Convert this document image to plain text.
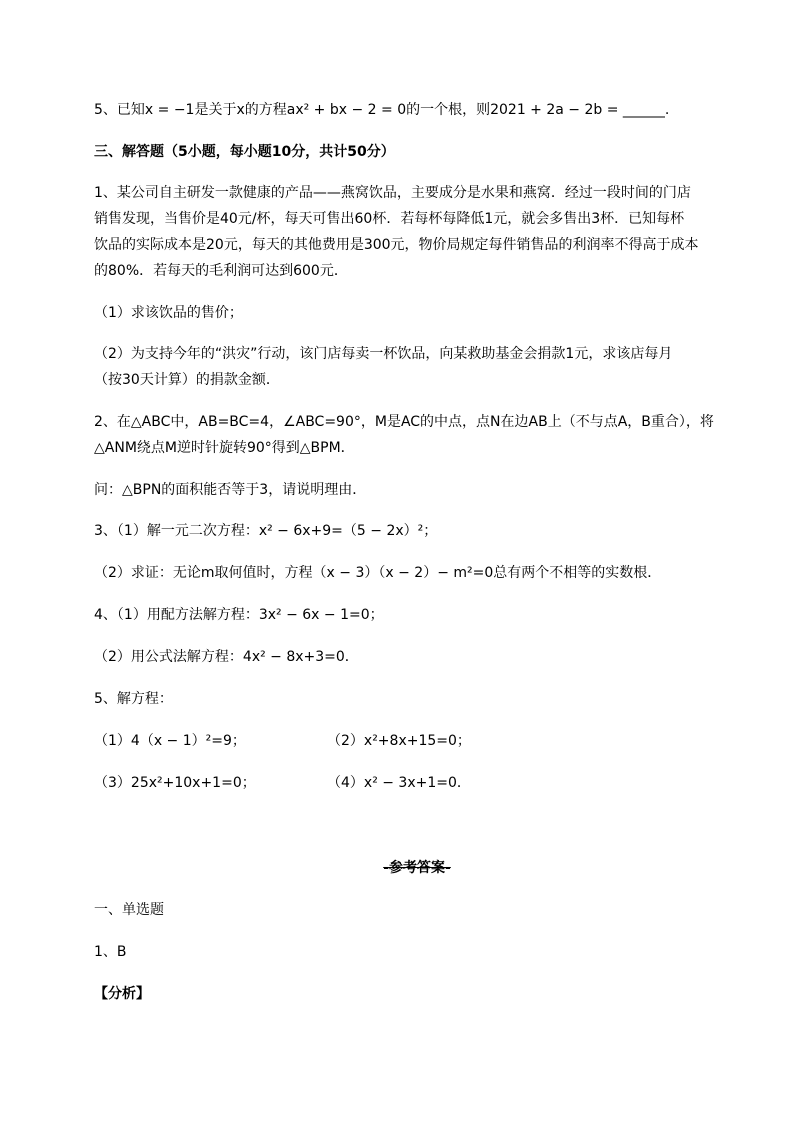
5、已知x = −1是关于x的方程ax² + bx − 2 = 0的一个根，则2021 + 2a − 2b = ______.
三、解答题（5小题，每小题10分，共计50分）
1、某公司自主研发一款健康的产品——燕窝饮品，主要成分是水果和燕窝．经过一段时间的门店
销售发现，当售价是40元/杯，每天可售出60杯．若每杯每降低1元，就会多售出3杯．已知每杯
饮品的实际成本是20元，每天的其他费用是300元，物价局规定每件销售品的利润率不得高于成本
的80%．若每天的毛利润可达到600元．
（1）求该饮品的售价；
（2）为支持今年的“洪灾”行动，该门店每卖一杯饮品，向某救助基金会捐款1元，求该店每月
（按30天计算）的捐款金额．
2、在△ABC中，AB=BC=4，∠ABC=90°，M是AC的中点，点N在边AB上（不与点A，B重合），将
△ANM绕点M逆时针旋转90°得到△BPM．
问：△BPN的面积能否等于3，请说明理由．
3、（1）解一元二次方程：x² − 6x+9=（5 − 2x）²；
（2）求证：无论m取何值时，方程（x − 3）（x − 2）− m²=0总有两个不相等的实数根．
4、（1）用配方法解方程：3x² − 6x − 1=0；
（2）用公式法解方程：4x² − 8x+3=0．
5、解方程：
（1）4（x − 1）²=9；	（2）x²+8x+15=0；
（3）25x²+10x+1=0；	（4）x² − 3x+1=0．
-参考答案-
一、单选题
1、B
【分析】
